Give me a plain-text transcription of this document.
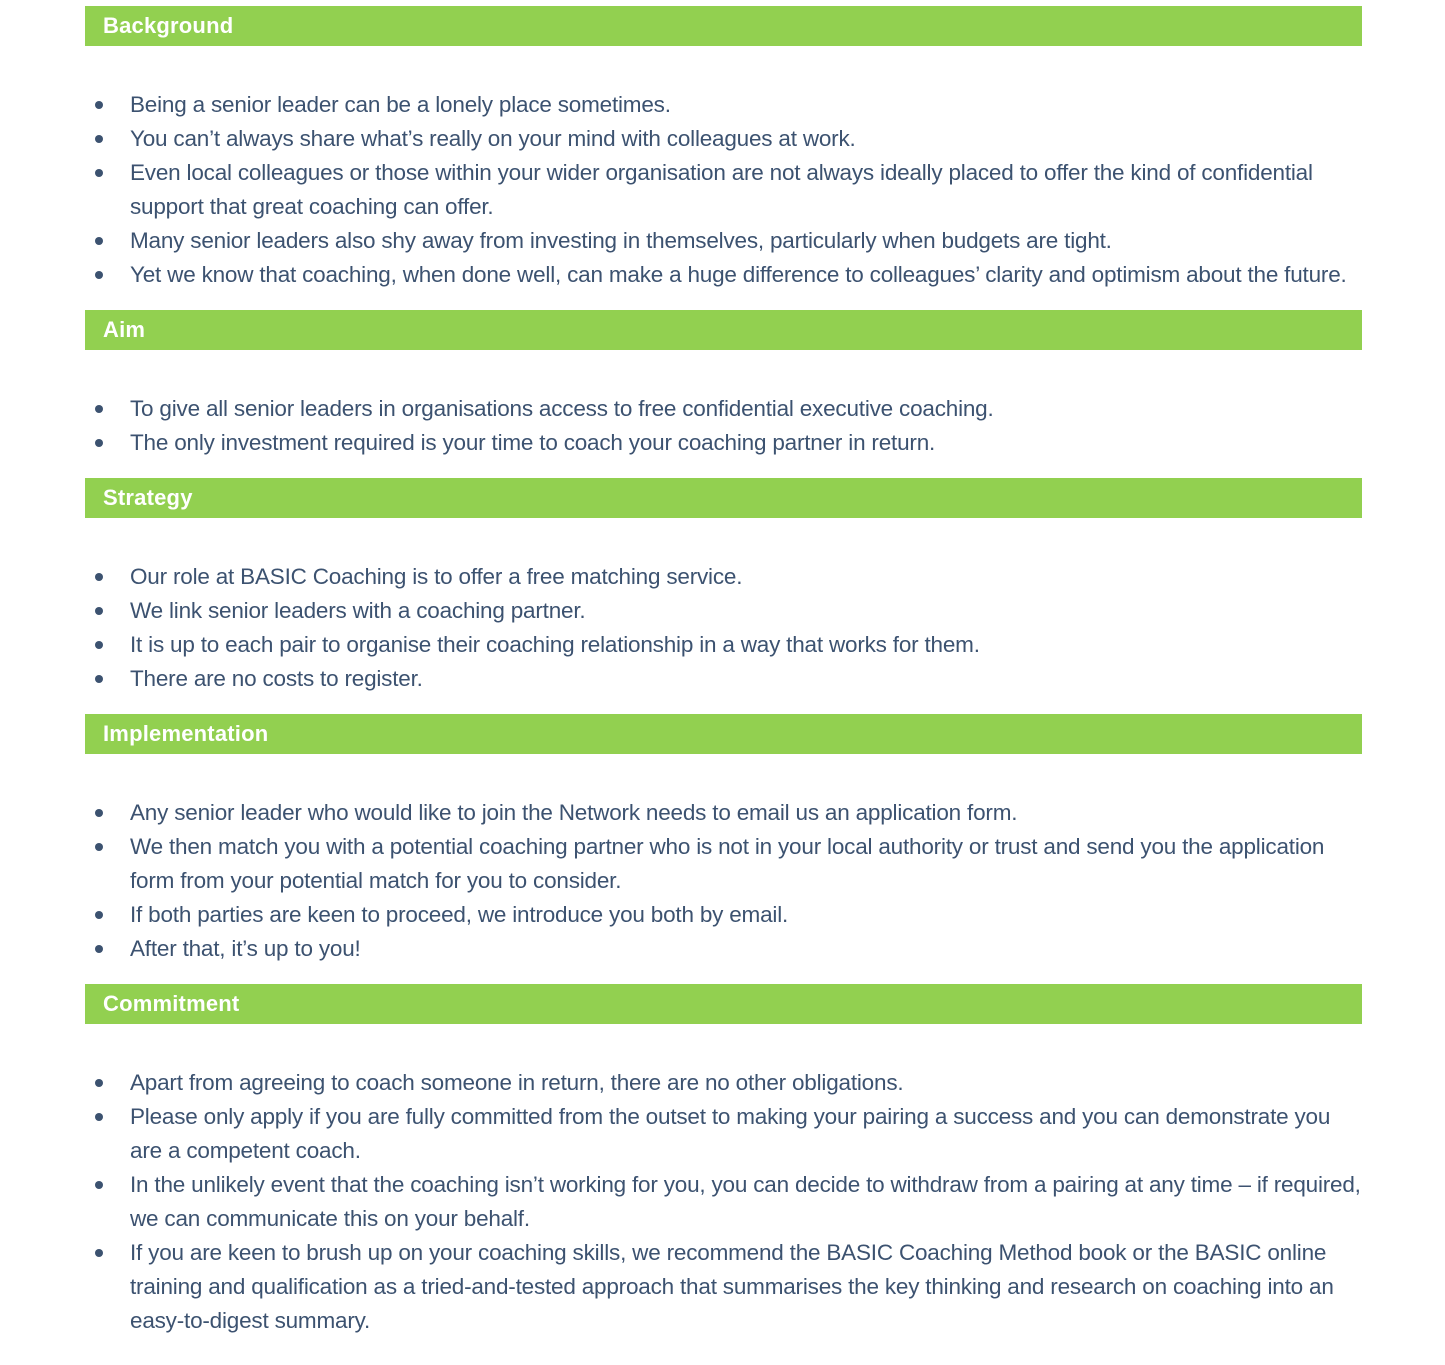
Background
Being a senior leader can be a lonely place sometimes.
You can’t always share what’s really on your mind with colleagues at work.
Even local colleagues or those within your wider organisation are not always ideally placed to offer the kind of confidential support that great coaching can offer.
Many senior leaders also shy away from investing in themselves, particularly when budgets are tight.
Yet we know that coaching, when done well, can make a huge difference to colleagues’ clarity and optimism about the future.
Aim
To give all senior leaders in organisations access to free confidential executive coaching.
The only investment required is your time to coach your coaching partner in return.
Strategy
Our role at BASIC Coaching is to offer a free matching service.
We link senior leaders with a coaching partner.
It is up to each pair to organise their coaching relationship in a way that works for them.
There are no costs to register.
Implementation
Any senior leader who would like to join the Network needs to email us an application form.
We then match you with a potential coaching partner who is not in your local authority or trust and send you the application form from your potential match for you to consider.
If both parties are keen to proceed, we introduce you both by email.
After that, it’s up to you!
Commitment
Apart from agreeing to coach someone in return, there are no other obligations.
Please only apply if you are fully committed from the outset to making your pairing a success and you can demonstrate you are a competent coach.
In the unlikely event that the coaching isn’t working for you, you can decide to withdraw from a pairing at any time – if required, we can communicate this on your behalf.
If you are keen to brush up on your coaching skills, we recommend the BASIC Coaching Method book or the BASIC online training and qualification as a tried-and-tested approach that summarises the key thinking and research on coaching into an easy-to-digest summary.
